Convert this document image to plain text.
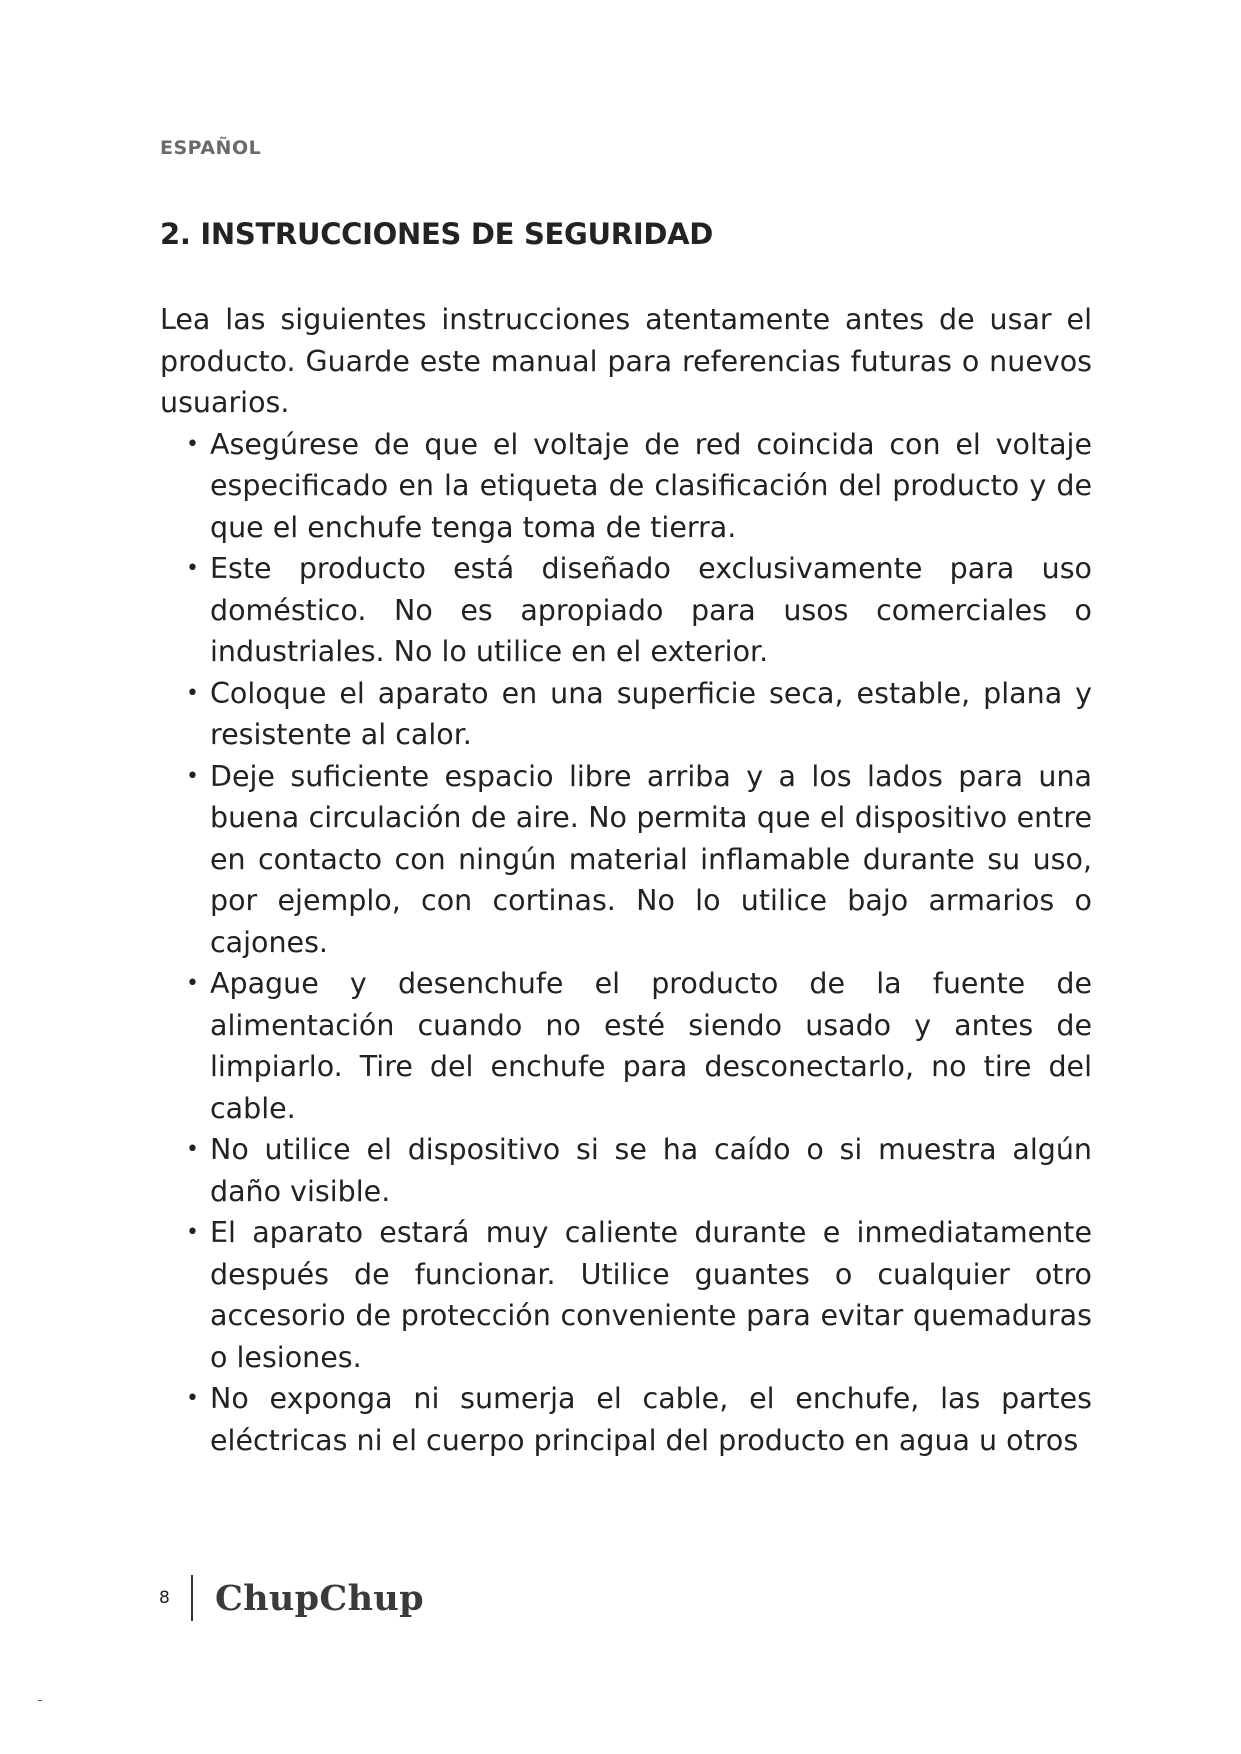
ESPAÑOL
2. INSTRUCCIONES DE SEGURIDAD

Lea las siguientes instrucciones atentamente antes de usar el producto. Guarde este manual para referencias futuras o nuevos usuarios.

• Asegúrese de que el voltaje de red coincida con el voltaje especificado en la etiqueta de clasificación del producto y de que el enchufe tenga toma de tierra.
• Este producto está diseñado exclusivamente para uso doméstico. No es apropiado para usos comerciales o industriales. No lo utilice en el exterior.
• Coloque el aparato en una superficie seca, estable, plana y resistente al calor.
• Deje suficiente espacio libre arriba y a los lados para una buena circulación de aire. No permita que el dispositivo entre en contacto con ningún material inflamable durante su uso, por ejemplo, con cortinas. No lo utilice bajo armarios o cajones.
• Apague y desenchufe el producto de la fuente de alimentación cuando no esté siendo usado y antes de limpiarlo. Tire del enchufe para desconectarlo, no tire del cable.
• No utilice el dispositivo si se ha caído o si muestra algún daño visible.
• El aparato estará muy caliente durante e inmediatamente después de funcionar. Utilice guantes o cualquier otro accesorio de protección conveniente para evitar quemaduras o lesiones.
• No exponga ni sumerja el cable, el enchufe, las partes eléctricas ni el cuerpo principal del producto en agua u otros
8	ChupChup
